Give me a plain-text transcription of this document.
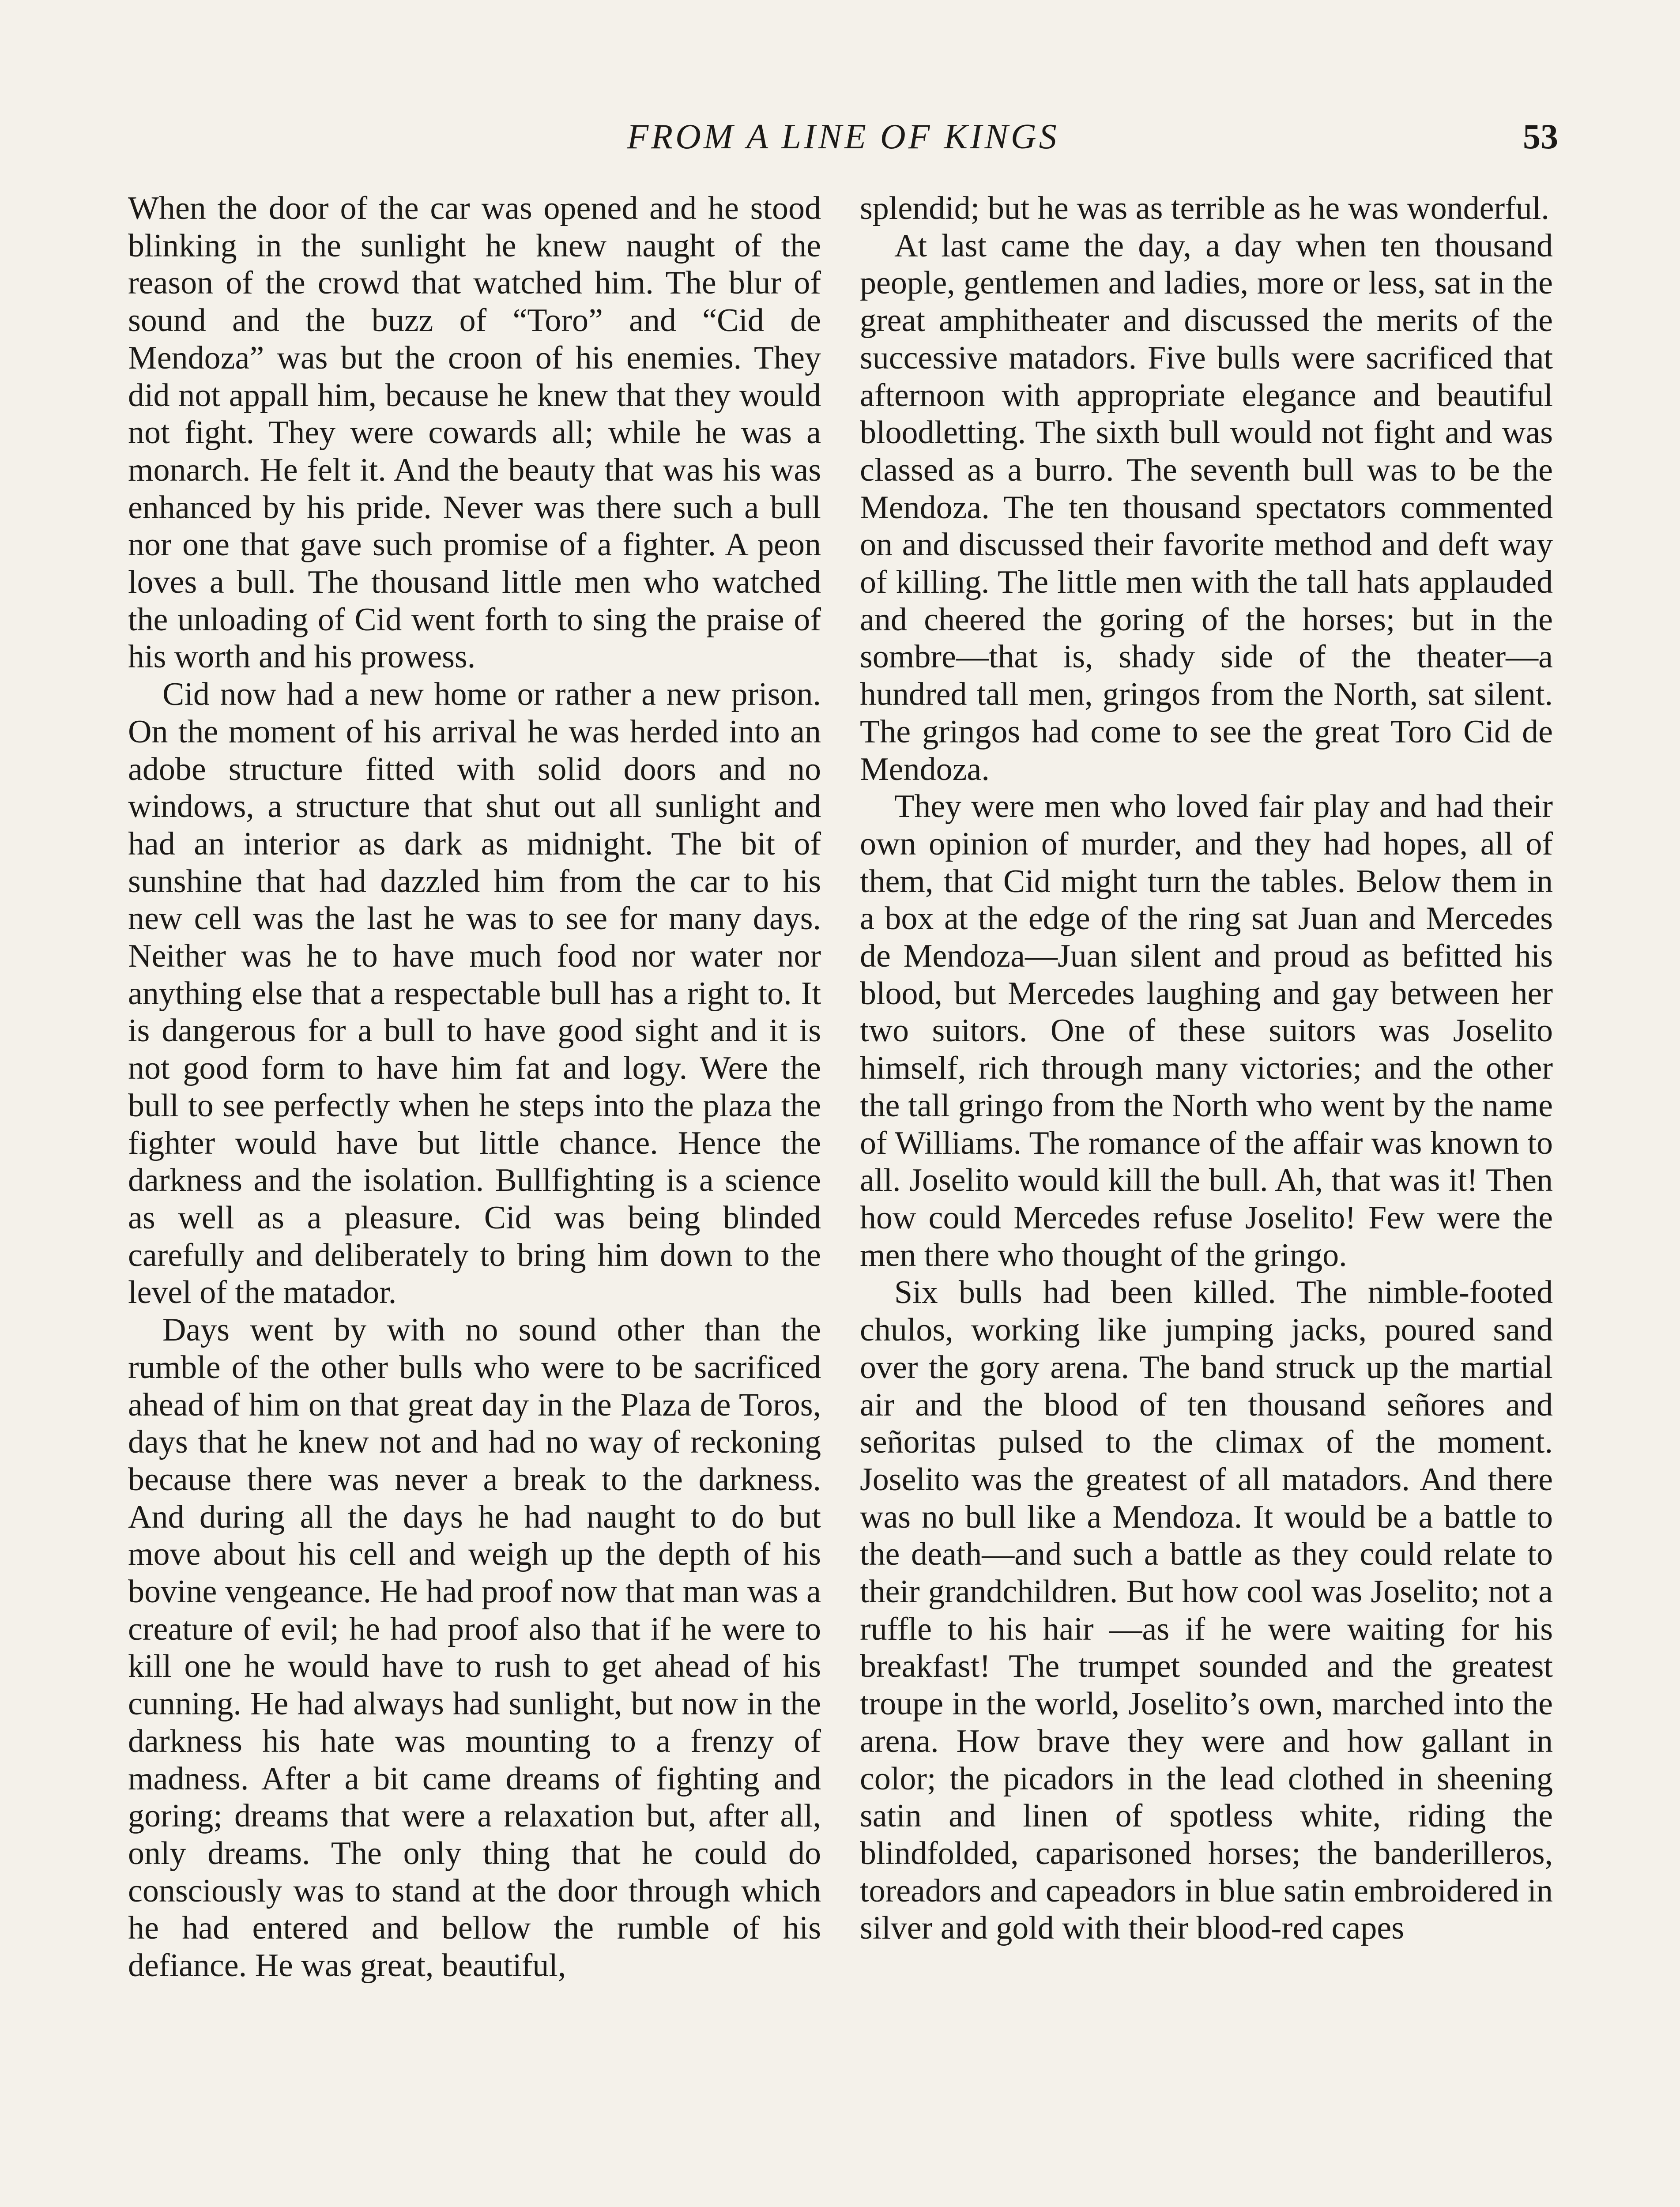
FROM A LINE OF KINGS	53

When the door of the car was opened and he stood blinking in the sunlight he knew naught of the reason of the crowd that watched him. The blur of sound and the buzz of “Toro” and “Cid de Mendoza” was but the croon of his enemies. They did not appall him, because he knew that they would not fight. They were cowards all; while he was a monarch. He felt it. And the beauty that was his was enhanced by his pride. Never was there such a bull nor one that gave such promise of a fighter. A peon loves a bull. The thousand little men who watched the unloading of Cid went forth to sing the praise of his worth and his prowess.

Cid now had a new home or rather a new prison. On the moment of his arrival he was herded into an adobe structure fitted with solid doors and no windows, a structure that shut out all sunlight and had an interior as dark as midnight. The bit of sunshine that had dazzled him from the car to his new cell was the last he was to see for many days. Neither was he to have much food nor water nor anything else that a respectable bull has a right to. It is dangerous for a bull to have good sight and it is not good form to have him fat and logy. Were the bull to see perfectly when he steps into the plaza the fighter would have but little chance. Hence the darkness and the isolation. Bullfighting is a science as well as a pleasure. Cid was being blinded carefully and deliberately to bring him down to the level of the matador.

Days went by with no sound other than the rumble of the other bulls who were to be sacrificed ahead of him on that great day in the Plaza de Toros, days that he knew not and had no way of reckoning because there was never a break to the darkness. And during all the days he had naught to do but move about his cell and weigh up the depth of his bovine vengeance. He had proof now that man was a creature of evil; he had proof also that if he were to kill one he would have to rush to get ahead of his cunning. He had always had sunlight, but now in the darkness his hate was mounting to a frenzy of madness. After a bit came dreams of fighting and goring; dreams that were a relaxation but, after all, only dreams. The only thing that he could do consciously was to stand at the door through which he had entered and bellow the rumble of his defiance. He was great, beautiful,

splendid; but he was as terrible as he was wonderful.

At last came the day, a day when ten thousand people, gentlemen and ladies, more or less, sat in the great amphitheater and discussed the merits of the successive matadors. Five bulls were sacrificed that afternoon with appropriate elegance and beautiful bloodletting. The sixth bull would not fight and was classed as a burro. The seventh bull was to be the Mendoza. The ten thousand spectators commented on and discussed their favorite method and deft way of killing. The little men with the tall hats applauded and cheered the goring of the horses; but in the sombre—that is, shady side of the theater—a hundred tall men, gringos from the North, sat silent. The gringos had come to see the great Toro Cid de Mendoza.

They were men who loved fair play and had their own opinion of murder, and they had hopes, all of them, that Cid might turn the tables. Below them in a box at the edge of the ring sat Juan and Mercedes de Mendoza—Juan silent and proud as befitted his blood, but Mercedes laughing and gay between her two suitors. One of these suitors was Joselito himself, rich through many victories; and the other the tall gringo from the North who went by the name of Williams. The romance of the affair was known to all. Joselito would kill the bull. Ah, that was it! Then how could Mercedes refuse Joselito! Few were the men there who thought of the gringo.

Six bulls had been killed. The nimble-footed chulos, working like jumping jacks, poured sand over the gory arena. The band struck up the martial air and the blood of ten thousand señores and señoritas pulsed to the climax of the moment. Joselito was the greatest of all matadors. And there was no bull like a Mendoza. It would be a battle to the death—and such a battle as they could relate to their grandchildren. But how cool was Joselito; not a ruffle to his hair —as if he were waiting for his breakfast! The trumpet sounded and the greatest troupe in the world, Joselito’s own, marched into the arena. How brave they were and how gallant in color; the picadors in the lead clothed in sheening satin and linen of spotless white, riding the blindfolded, caparisoned horses; the banderilleros, toreadors and capeadors in blue satin embroidered in silver and gold with their blood-red capes
